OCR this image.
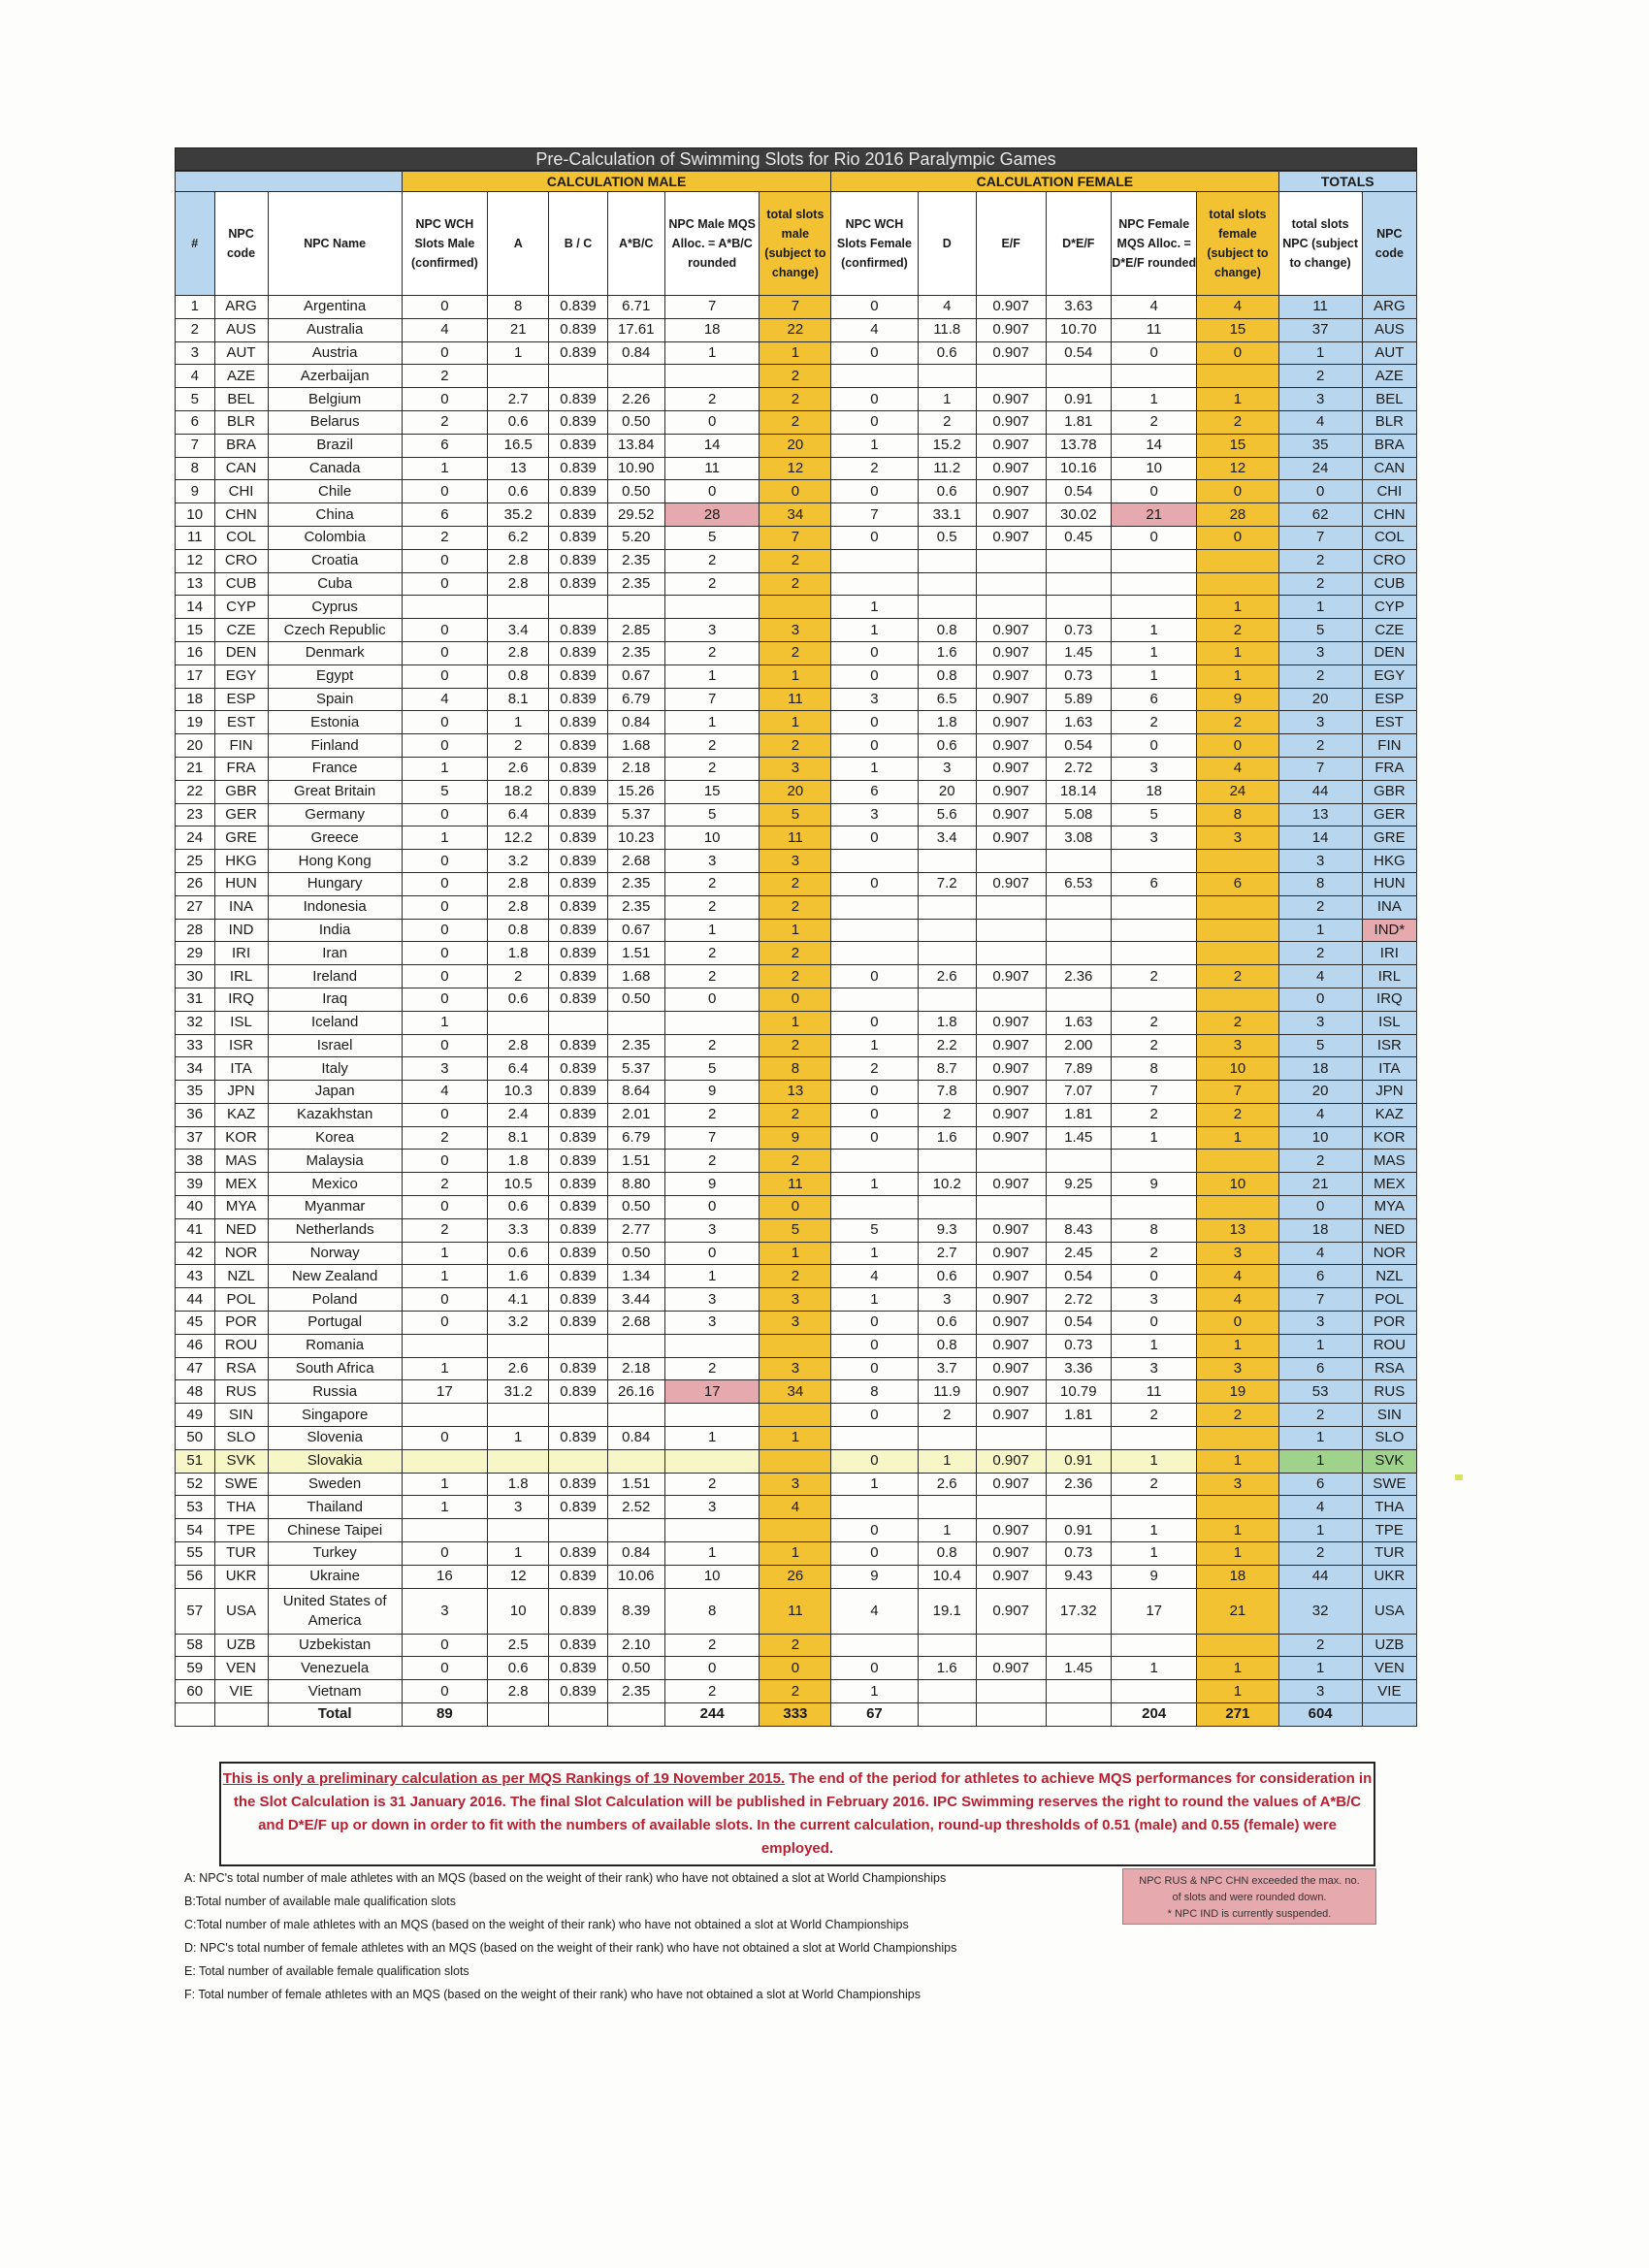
Pre-Calculation of Swimming Slots for Rio 2016 Paralympic Games
			CALCULATION MALE						CALCULATION FEMALE						TOTALS	
#	NPC code	NPC Name	NPC WCH Slots Male (confirmed)	A	B / C	A*B/C	NPC Male MQS Alloc. = A*B/C rounded	total slots male (subject to change)	NPC WCH Slots Female (confirmed)	D	E/F	D*E/F	NPC Female MQS Alloc. = D*E/F rounded	total slots female (subject to change)	total slots NPC (subject to change)	NPC code
1	ARG	Argentina	0	8	0.839	6.71	7	7	0	4	0.907	3.63	4	4	11	ARG
2	AUS	Australia	4	21	0.839	17.61	18	22	4	11.8	0.907	10.70	11	15	37	AUS
3	AUT	Austria	0	1	0.839	0.84	1	1	0	0.6	0.907	0.54	0	0	1	AUT
4	AZE	Azerbaijan	2					2							2	AZE
5	BEL	Belgium	0	2.7	0.839	2.26	2	2	0	1	0.907	0.91	1	1	3	BEL
6	BLR	Belarus	2	0.6	0.839	0.50	0	2	0	2	0.907	1.81	2	2	4	BLR
7	BRA	Brazil	6	16.5	0.839	13.84	14	20	1	15.2	0.907	13.78	14	15	35	BRA
8	CAN	Canada	1	13	0.839	10.90	11	12	2	11.2	0.907	10.16	10	12	24	CAN
9	CHI	Chile	0	0.6	0.839	0.50	0	0	0	0.6	0.907	0.54	0	0	0	CHI
10	CHN	China	6	35.2	0.839	29.52	28	34	7	33.1	0.907	30.02	21	28	62	CHN
11	COL	Colombia	2	6.2	0.839	5.20	5	7	0	0.5	0.907	0.45	0	0	7	COL
12	CRO	Croatia	0	2.8	0.839	2.35	2	2							2	CRO
13	CUB	Cuba	0	2.8	0.839	2.35	2	2							2	CUB
14	CYP	Cyprus							1					1	1	CYP
15	CZE	Czech Republic	0	3.4	0.839	2.85	3	3	1	0.8	0.907	0.73	1	2	5	CZE
16	DEN	Denmark	0	2.8	0.839	2.35	2	2	0	1.6	0.907	1.45	1	1	3	DEN
17	EGY	Egypt	0	0.8	0.839	0.67	1	1	0	0.8	0.907	0.73	1	1	2	EGY
18	ESP	Spain	4	8.1	0.839	6.79	7	11	3	6.5	0.907	5.89	6	9	20	ESP
19	EST	Estonia	0	1	0.839	0.84	1	1	0	1.8	0.907	1.63	2	2	3	EST
20	FIN	Finland	0	2	0.839	1.68	2	2	0	0.6	0.907	0.54	0	0	2	FIN
21	FRA	France	1	2.6	0.839	2.18	2	3	1	3	0.907	2.72	3	4	7	FRA
22	GBR	Great Britain	5	18.2	0.839	15.26	15	20	6	20	0.907	18.14	18	24	44	GBR
23	GER	Germany	0	6.4	0.839	5.37	5	5	3	5.6	0.907	5.08	5	8	13	GER
24	GRE	Greece	1	12.2	0.839	10.23	10	11	0	3.4	0.907	3.08	3	3	14	GRE
25	HKG	Hong Kong	0	3.2	0.839	2.68	3	3							3	HKG
26	HUN	Hungary	0	2.8	0.839	2.35	2	2	0	7.2	0.907	6.53	6	6	8	HUN
27	INA	Indonesia	0	2.8	0.839	2.35	2	2							2	INA
28	IND	India	0	0.8	0.839	0.67	1	1							1	IND*
29	IRI	Iran	0	1.8	0.839	1.51	2	2							2	IRI
30	IRL	Ireland	0	2	0.839	1.68	2	2	0	2.6	0.907	2.36	2	2	4	IRL
31	IRQ	Iraq	0	0.6	0.839	0.50	0	0							0	IRQ
32	ISL	Iceland	1					1	0	1.8	0.907	1.63	2	2	3	ISL
33	ISR	Israel	0	2.8	0.839	2.35	2	2	1	2.2	0.907	2.00	2	3	5	ISR
34	ITA	Italy	3	6.4	0.839	5.37	5	8	2	8.7	0.907	7.89	8	10	18	ITA
35	JPN	Japan	4	10.3	0.839	8.64	9	13	0	7.8	0.907	7.07	7	7	20	JPN
36	KAZ	Kazakhstan	0	2.4	0.839	2.01	2	2	0	2	0.907	1.81	2	2	4	KAZ
37	KOR	Korea	2	8.1	0.839	6.79	7	9	0	1.6	0.907	1.45	1	1	10	KOR
38	MAS	Malaysia	0	1.8	0.839	1.51	2	2							2	MAS
39	MEX	Mexico	2	10.5	0.839	8.80	9	11	1	10.2	0.907	9.25	9	10	21	MEX
40	MYA	Myanmar	0	0.6	0.839	0.50	0	0							0	MYA
41	NED	Netherlands	2	3.3	0.839	2.77	3	5	5	9.3	0.907	8.43	8	13	18	NED
42	NOR	Norway	1	0.6	0.839	0.50	0	1	1	2.7	0.907	2.45	2	3	4	NOR
43	NZL	New Zealand	1	1.6	0.839	1.34	1	2	4	0.6	0.907	0.54	0	4	6	NZL
44	POL	Poland	0	4.1	0.839	3.44	3	3	1	3	0.907	2.72	3	4	7	POL
45	POR	Portugal	0	3.2	0.839	2.68	3	3	0	0.6	0.907	0.54	0	0	3	POR
46	ROU	Romania							0	0.8	0.907	0.73	1	1	1	ROU
47	RSA	South Africa	1	2.6	0.839	2.18	2	3	0	3.7	0.907	3.36	3	3	6	RSA
48	RUS	Russia	17	31.2	0.839	26.16	17	34	8	11.9	0.907	10.79	11	19	53	RUS
49	SIN	Singapore							0	2	0.907	1.81	2	2	2	SIN
50	SLO	Slovenia	0	1	0.839	0.84	1	1							1	SLO
51	SVK	Slovakia							0	1	0.907	0.91	1	1	1	SVK
52	SWE	Sweden	1	1.8	0.839	1.51	2	3	1	2.6	0.907	2.36	2	3	6	SWE
53	THA	Thailand	1	3	0.839	2.52	3	4							4	THA
54	TPE	Chinese Taipei							0	1	0.907	0.91	1	1	1	TPE
55	TUR	Turkey	0	1	0.839	0.84	1	1	0	0.8	0.907	0.73	1	1	2	TUR
56	UKR	Ukraine	16	12	0.839	10.06	10	26	9	10.4	0.907	9.43	9	18	44	UKR
57	USA	United States of America	3	10	0.839	8.39	8	11	4	19.1	0.907	17.32	17	21	32	USA
58	UZB	Uzbekistan	0	2.5	0.839	2.10	2	2							2	UZB
59	VEN	Venezuela	0	0.6	0.839	0.50	0	0	0	1.6	0.907	1.45	1	1	1	VEN
60	VIE	Vietnam	0	2.8	0.839	2.35	2	2	1					1	3	VIE
		Total	89				244	333	67				204	271	604	
This is only a preliminary calculation as per MQS Rankings of 19 November 2015. The end of the period for athletes to achieve MQS performances for consideration in the Slot Calculation is 31 January 2016. The final Slot Calculation will be published in February 2016. IPC Swimming reserves the right to round the values of A*B/C and D*E/F up or down in order to fit with the numbers of available slots. In the current calculation, round-up thresholds of 0.51 (male) and 0.55 (female) were employed.
A: NPC's total number of male athletes with an MQS (based on the weight of their rank) who have not obtained a slot at World Championships
B:Total number of available male qualification slots
C:Total number of male athletes with an MQS (based on the weight of their rank) who have not obtained a slot at World Championships
D: NPC's total number of female athletes with an MQS (based on the weight of their rank) who have not obtained a slot at World Championships
E: Total number of available female qualification slots
F: Total number of female athletes with an MQS (based on the weight of their rank) who have not obtained a slot at World Championships
NPC RUS & NPC CHN exceeded the max. no.
of slots and were rounded down.
* NPC IND is currently suspended.
